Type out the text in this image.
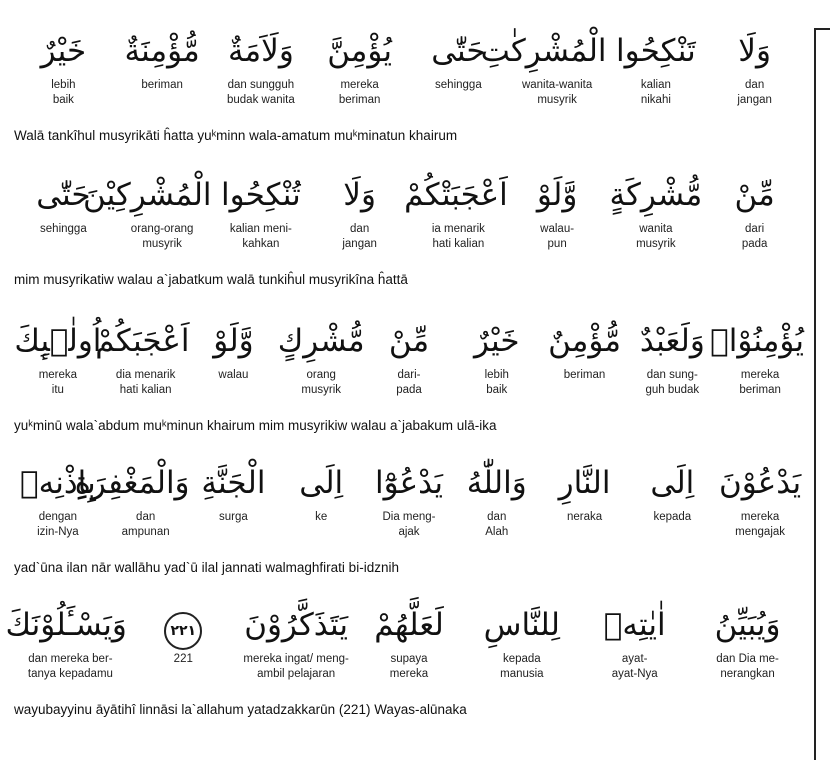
وَلَا
dan
jangan
تَنْكِحُوا
kalian
nikahi
الْمُشْرِكٰتِ
wanita-wanita
musyrik
حَتّٰى
sehingga
يُؤْمِنَّ
mereka
beriman
وَلَاَمَةٌ
dan sungguh
budak wanita
مُّؤْمِنَةٌ
beriman
خَيْرٌ
lebih
baik
Walā tankîhul musyrikāti ĥatta yuᵏminn wala-amatum muᵏminatun khairum
مِّنْ
dari
pada
مُّشْرِكَةٍ
wanita
musyrik
وَّلَوْ
walau-
pun
اَعْجَبَتْكُمْ
ia menarik
hati kalian
وَلَا
dan
jangan
تُنْكِحُوا
kalian meni-
kahkan
الْمُشْرِكِيْنَ
orang-orang
musyrik
حَتّٰى
sehingga
mim musyrikatiw walau a`jabatkum walā tunkiĥul musyrikîna ĥattā
يُؤْمِنُوْاۗ
mereka
beriman
وَلَعَبْدٌ
dan sung-
guh budak
مُّؤْمِنٌ
beriman
خَيْرٌ
lebih
baik
مِّنْ
dari-
pada
مُّشْرِكٍ
orang
musyrik
وَّلَوْ
walau
اَعْجَبَكُمْ
dia menarik
hati kalian
اُولٰۤىِٕكَ
mereka
itu
yuᵏminū wala`abdum muᵏminun khairum mim musyrikiw walau a`jabakum ulā-ika
يَدْعُوْنَ
mereka
mengajak
اِلَى
kepada
النَّارِ
neraka
وَاللّٰهُ
dan
Alah
يَدْعُوْٓا
Dia meng-
ajak
اِلَى
ke
الْجَنَّةِ
surga
وَالْمَغْفِرَةِ
dan
ampunan
بِاِذْنِهٖ
dengan
izin-Nya
yad`ūna ilan nār wallāhu yad`ū ilal jannati walmaghfirati bi-idznih
وَيُبَيِّنُ
dan Dia me-
nerangkan
اٰيٰتِهٖ
ayat-
ayat-Nya
لِلنَّاسِ
kepada
manusia
لَعَلَّهُمْ
supaya
mereka
يَتَذَكَّرُوْنَ
mereka ingat/ meng-
ambil pelajaran
٢٢١
221
وَيَسْـَٔلُوْنَكَ
dan mereka ber-
tanya kepadamu
wayubayyinu āyātihî linnāsi la`allahum yatadzakkarūn (221) Wayas-alūnaka
